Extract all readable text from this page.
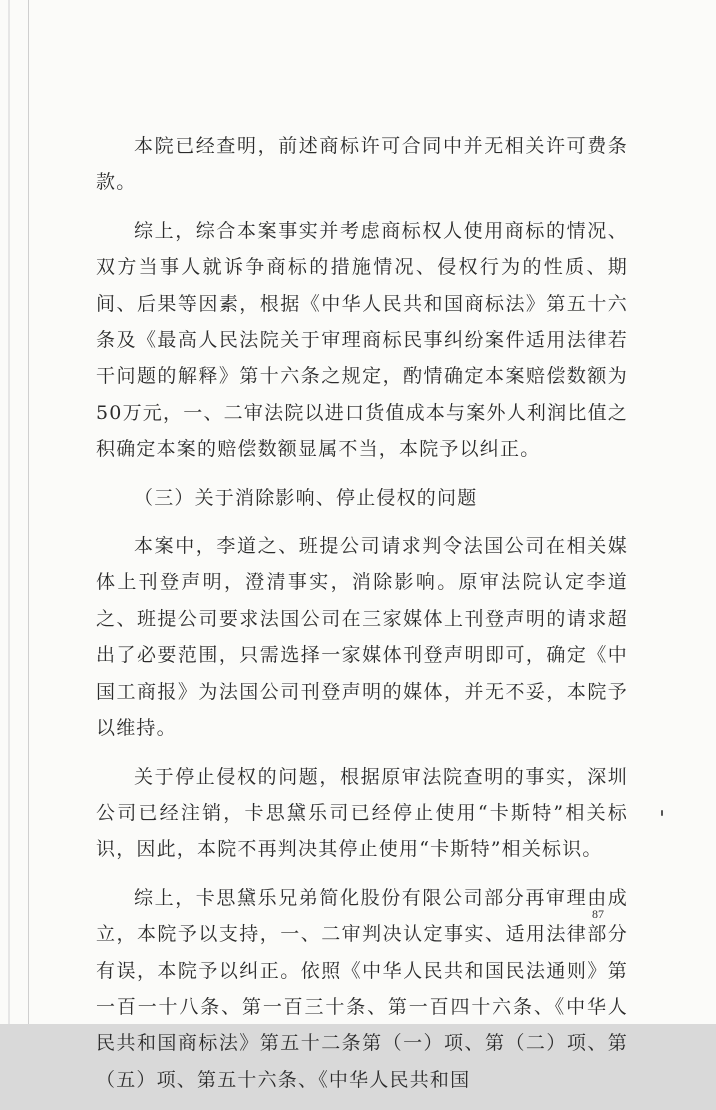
本院已经查明，前述商标许可合同中并无相关许可费条款。

综上，综合本案事实并考虑商标权人使用商标的情况、双方当事人就诉争商标的措施情况、侵权行为的性质、期间、后果等因素，根据《中华人民共和国商标法》第五十六条及《最高人民法院关于审理商标民事纠纷案件适用法律若干问题的解释》第十六条之规定，酌情确定本案赔偿数额为50万元，一、二审法院以进口货值成本与案外人利润比值之积确定本案的赔偿数额显属不当，本院予以纠正。

（三）关于消除影响、停止侵权的问题

本案中，李道之、班提公司请求判令法国公司在相关媒体上刊登声明，澄清事实，消除影响。原审法院认定李道之、班提公司要求法国公司在三家媒体上刊登声明的请求超出了必要范围，只需选择一家媒体刊登声明即可，确定《中国工商报》为法国公司刊登声明的媒体，并无不妥，本院予以维持。

关于停止侵权的问题，根据原审法院查明的事实，深圳公司已经注销，卡思黛乐司已经停止使用“卡斯特”相关标识，因此，本院不再判决其停止使用“卡斯特”相关标识。

综上，卡思黛乐兄弟简化股份有限公司部分再审理由成立，本院予以支持，一、二审判决认定事实、适用法律部分有误，本院予以纠正。依照《中华人民共和国民法通则》第一百一十八条、第一百三十条、第一百四十六条、《中华人民共和国商标法》第五十二条第（一）项、第（二）项、第（五）项、第五十六条、《中华人民共和国

87
